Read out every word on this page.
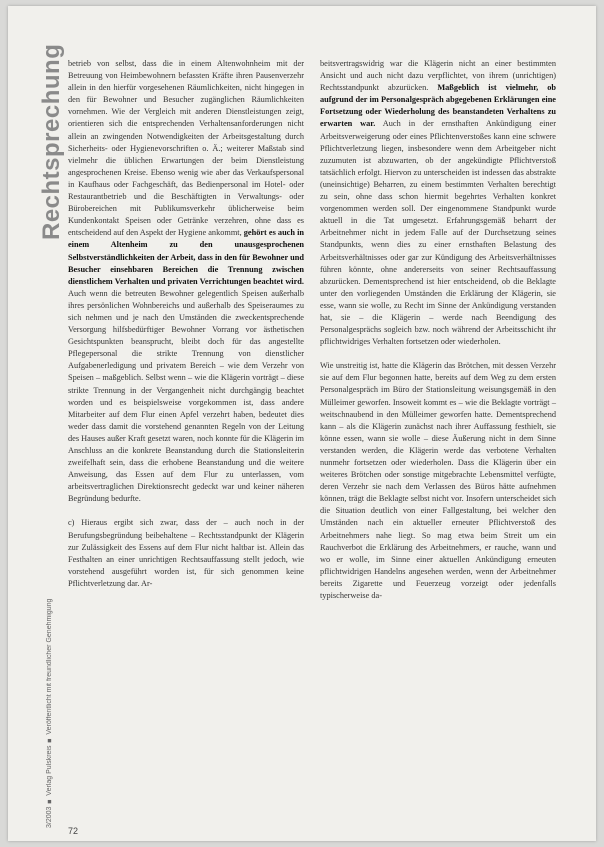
Rechtsprechung
3/2003 ■ Verlag Pulskreis ■ Veröffentlicht mit freundlicher Genehmigung

betrieb von selbst, dass die in einem Altenwohnheim mit der Betreuung von Heimbewohnern befassten Kräfte ihren Pausenverzehr allein in den hierfür vorgesehenen Räumlichkeiten, nicht hingegen in den für Bewohner und Besucher zugänglichen Räumlichkeiten vornehmen. Wie der Vergleich mit anderen Dienstleistungen zeigt, orientieren sich die entsprechenden Verhaltensanforderungen nicht allein an zwingenden Notwendigkeiten der Arbeitsgestaltung durch Sicherheits- oder Hygienevorschriften o. Ä.; weiterer Maßstab sind vielmehr die üblichen Erwartungen der beim Dienstleistung angesprochenen Kreise. Ebenso wenig wie aber das Verkaufspersonal in Kaufhaus oder Fachgeschäft, das Bedienpersonal im Hotel- oder Restaurantbetrieb und die Beschäftigten in Verwaltungs- oder Bürobereichen mit Publikumsverkehr üblicherweise beim Kundenkontakt Speisen oder Getränke verzehren, ohne dass es entscheidend auf den Aspekt der Hygiene ankommt, gehört es auch in einem Altenheim zu den unausgesprochenen Selbstverständlichkeiten der Arbeit, dass in den für Bewohner und Besucher einsehbaren Bereichen die Trennung zwischen dienstlichem Verhalten und privaten Verrichtungen beachtet wird. Auch wenn die betreuten Bewohner gelegentlich Speisen außerhalb ihres persönlichen Wohnbereichs und außerhalb des Speiseraumes zu sich nehmen und je nach den Umständen die zweckentsprechende Versorgung hilfsbedürftiger Bewohner Vorrang vor ästhetischen Gesichtspunkten beansprucht, bleibt doch für das angestellte Pflegepersonal die strikte Trennung von dienstlicher Aufgabenerledigung und privatem Bereich – wie dem Verzehr von Speisen – maßgeblich. Selbst wenn – wie die Klägerin vorträgt – diese strikte Trennung in der Vergangenheit nicht durchgängig beachtet worden und es beispielsweise vorgekommen ist, dass andere Mitarbeiter auf dem Flur einen Apfel verzehrt haben, bedeutet dies weder dass damit die vorstehend genannten Regeln von der Leitung des Hauses außer Kraft gesetzt waren, noch konnte für die Klägerin im Anschluss an die konkrete Beanstandung durch die Stationsleiterin zweifelhaft sein, dass die erhobene Beanstandung und die weitere Anweisung, das Essen auf dem Flur zu unterlassen, vom arbeitsvertraglichen Direktionsrecht gedeckt war und keiner näheren Begründung bedurfte.

c) Hieraus ergibt sich zwar, dass der – auch noch in der Berufungsbegründung beibehaltene – Rechtsstandpunkt der Klägerin zur Zulässigkeit des Essens auf dem Flur nicht haltbar ist. Allein das Festhalten an einer unrichtigen Rechtsauffassung stellt jedoch, wie vorstehend ausgeführt worden ist, für sich genommen keine Pflichtverletzung dar. Ar-

beitsvertragswidrig war die Klägerin nicht an einer bestimmten Ansicht und auch nicht dazu verpflichtet, von ihrem (unrichtigen) Rechtsstandpunkt abzurücken. Maßgeblich ist vielmehr, ob aufgrund der im Personalgespräch abgegebenen Erklärungen eine Fortsetzung oder Wiederholung des beanstandeten Verhaltens zu erwarten war. Auch in der ernsthaften Ankündigung einer Arbeitsverweigerung oder eines Pflichtenverstoßes kann eine schwere Pflichtverletzung liegen, insbesondere wenn dem Arbeitgeber nicht zuzumuten ist abzuwarten, ob der angekündigte Pflichtverstoß tatsächlich erfolgt. Hiervon zu unterscheiden ist indessen das abstrakte (uneinsichtige) Beharren, zu einem bestimmten Verhalten berechtigt zu sein, ohne dass schon hiermit begehrtes Verhalten konkret vorgenommen werden soll. Der eingenommene Standpunkt wurde aktuell in die Tat umgesetzt. Erfahrungsgemäß beharrt der Arbeitnehmer nicht in jedem Falle auf der Durchsetzung seines Standpunkts, wenn dies zu einer ernsthaften Belastung des Arbeitsverhältnisses oder gar zur Kündigung des Arbeitsverhältnisses führen könnte, ohne andererseits von seiner Rechtsauffassung abzurücken. Dementsprechend ist hier entscheidend, ob die Beklagte unter den vorliegenden Umständen die Erklärung der Klägerin, sie esse, wann sie wolle, zu Recht im Sinne der Ankündigung verstanden hat, sie – die Klägerin – werde nach Beendigung des Personalgesprächs sogleich bzw. noch während der Arbeitsschicht ihr pflichtwidriges Verhalten fortsetzen oder wiederholen.

Wie unstreitig ist, hatte die Klägerin das Brötchen, mit dessen Verzehr sie auf dem Flur begonnen hatte, bereits auf dem Weg zu dem ersten Personalgespräch im Büro der Stationsleitung weisungsgemäß in den Mülleimer geworfen. Insoweit kommt es – wie die Beklagte vorträgt – weitschnaubend in den Mülleimer geworfen hatte. Dementsprechend kann – als die Klägerin zunächst nach ihrer Auffassung festhielt, sie könne essen, wann sie wolle – diese Äußerung nicht in dem Sinne verstanden werden, die Klägerin werde das verbotene Verhalten nunmehr fortsetzen oder wiederholen. Dass die Klägerin über ein weiteres Brötchen oder sonstige mitgebrachte Lebensmittel verfügte, deren Verzehr sie nach dem Verlassen des Büros hätte aufnehmen können, trägt die Beklagte selbst nicht vor. Insofern unterscheidet sich die Situation deutlich von einer Fallgestaltung, bei welcher den Umständen nach ein aktueller erneuter Pflichtverstoß des Arbeitnehmers nahe liegt. So mag etwa beim Streit um ein Rauchverbot die Erklärung des Arbeitnehmers, er rauche, wann und wo er wolle, im Sinne einer aktuellen Ankündigung erneuten pflichtwidrigen Handelns angesehen werden, wenn der Arbeitnehmer bereits Zigarette und Feuerzeug vorzeigt oder jedenfalls typischerweise da-

72
